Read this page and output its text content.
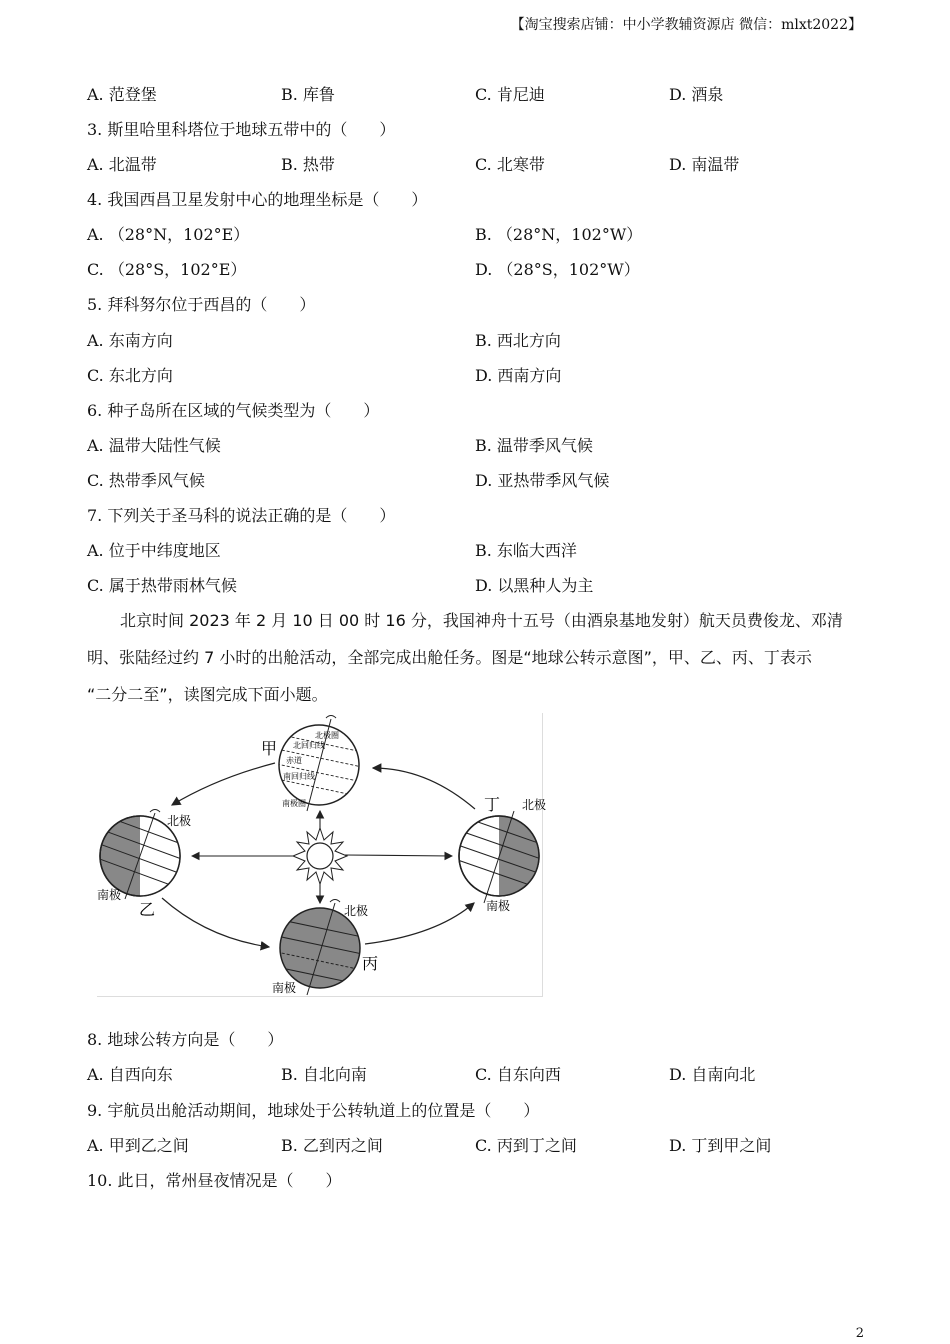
【淘宝搜索店铺：中小学教辅资源店 微信：mlxt2022】
A. 范登堡	B. 库鲁	C. 肯尼迪	D. 酒泉
3. 斯里哈里科塔位于地球五带中的（　　）
A. 北温带	B. 热带	C. 北寒带	D. 南温带
4. 我国西昌卫星发射中心的地理坐标是（　　）
A. （28°N，102°E）	B. （28°N，102°W）
C. （28°S，102°E）	D. （28°S，102°W）
5. 拜科努尔位于西昌的（　　）
A. 东南方向	B. 西北方向
C. 东北方向	D. 西南方向
6. 种子岛所在区域的气候类型为（　　）
A. 温带大陆性气候	B. 温带季风气候
C. 热带季风气候	D. 亚热带季风气候
7. 下列关于圣马科的说法正确的是（　　）
A. 位于中纬度地区	B. 东临大西洋
C. 属于热带雨林气候	D. 以黑种人为主
北京时间 2023 年 2 月 10 日 00 时 16 分，我国神舟十五号（由酒泉基地发射）航天员费俊龙、邓清
明、张陆经过约 7 小时的出舱活动，全部完成出舱任务。图是“地球公转示意图”，甲、乙、丙、丁表示
“二分二至”，读图完成下面小题。
甲
乙
丙
丁
北极圈
北回归线
赤道
南回归线
南极圈
北极
南极
北极
南极
北极
南极
8. 地球公转方向是（　　）
A. 自西向东	B. 自北向南	C. 自东向西	D. 自南向北
9. 宇航员出舱活动期间，地球处于公转轨道上的位置是（　　）
A. 甲到乙之间	B. 乙到丙之间	C. 丙到丁之间	D. 丁到甲之间
10. 此日，常州昼夜情况是（　　）
2
